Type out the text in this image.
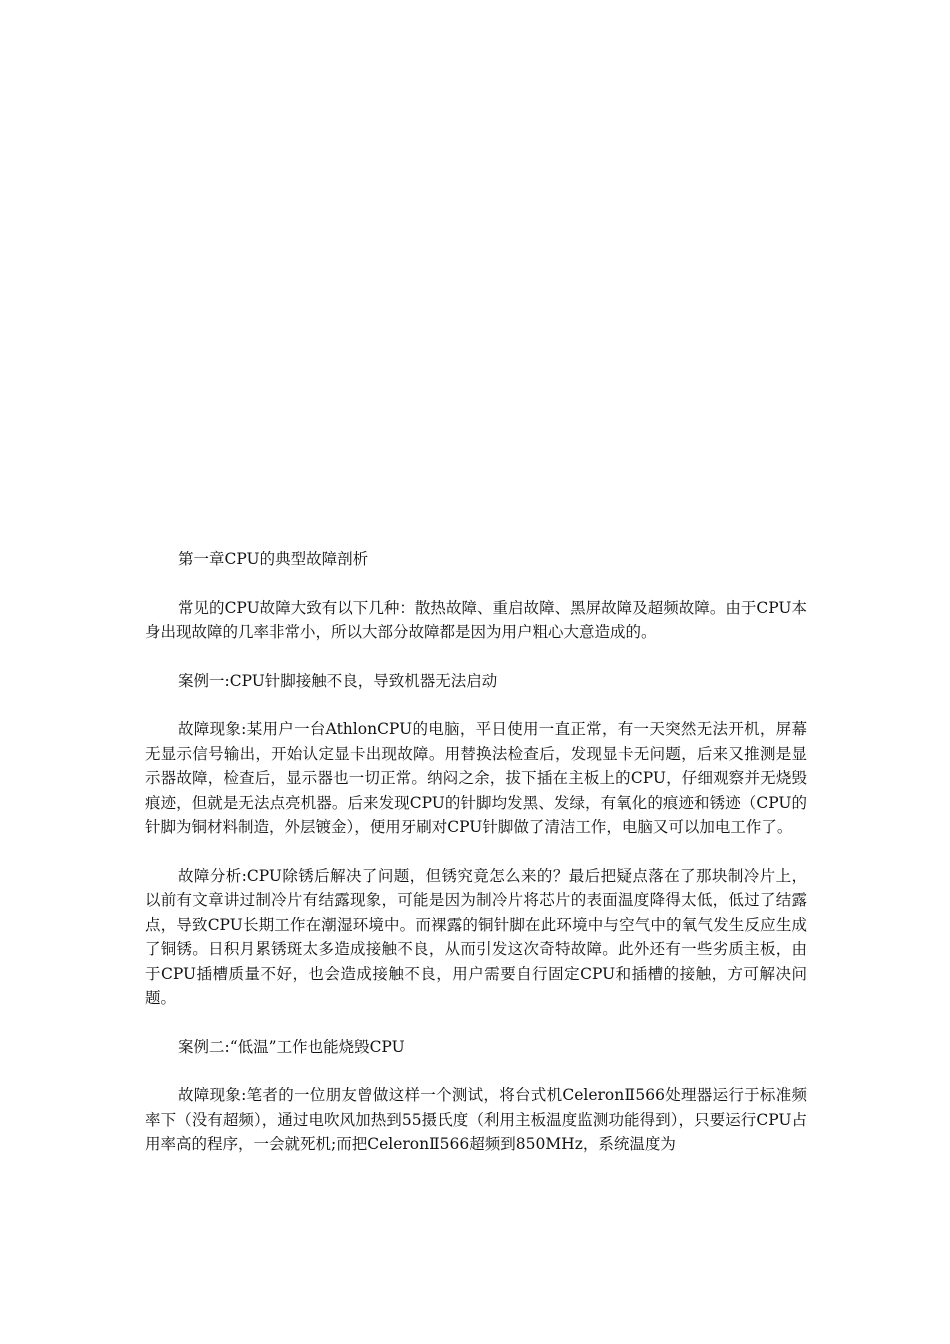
第一章CPU的典型故障剖析

常见的CPU故障大致有以下几种：散热故障、重启故障、黑屏故障及超频故障。由于CPU本身出现故障的几率非常小，所以大部分故障都是因为用户粗心大意造成的。

案例一:CPU针脚接触不良，导致机器无法启动

故障现象:某用户一台AthlonCPU的电脑，平日使用一直正常，有一天突然无法开机，屏幕无显示信号输出，开始认定显卡出现故障。用替换法检查后，发现显卡无问题，后来又推测是显示器故障，检查后，显示器也一切正常。纳闷之余，拔下插在主板上的CPU，仔细观察并无烧毁痕迹，但就是无法点亮机器。后来发现CPU的针脚均发黑、发绿，有氧化的痕迹和锈迹（CPU的针脚为铜材料制造，外层镀金），便用牙刷对CPU针脚做了清洁工作，电脑又可以加电工作了。

故障分析:CPU除锈后解决了问题，但锈究竟怎么来的？最后把疑点落在了那块制冷片上，以前有文章讲过制冷片有结露现象，可能是因为制冷片将芯片的表面温度降得太低，低过了结露点，导致CPU长期工作在潮湿环境中。而裸露的铜针脚在此环境中与空气中的氧气发生反应生成了铜锈。日积月累锈斑太多造成接触不良，从而引发这次奇特故障。此外还有一些劣质主板，由于CPU插槽质量不好，也会造成接触不良，用户需要自行固定CPU和插槽的接触，方可解决问题。

案例二:“低温”工作也能烧毁CPU

故障现象:笔者的一位朋友曾做这样一个测试，将台式机CeleronⅡ566处理器运行于标准频率下（没有超频），通过电吹风加热到55摄氏度（利用主板温度监测功能得到），只要运行CPU占用率高的程序，一会就死机;而把CeleronⅡ566超频到850MHz，系统温度为
